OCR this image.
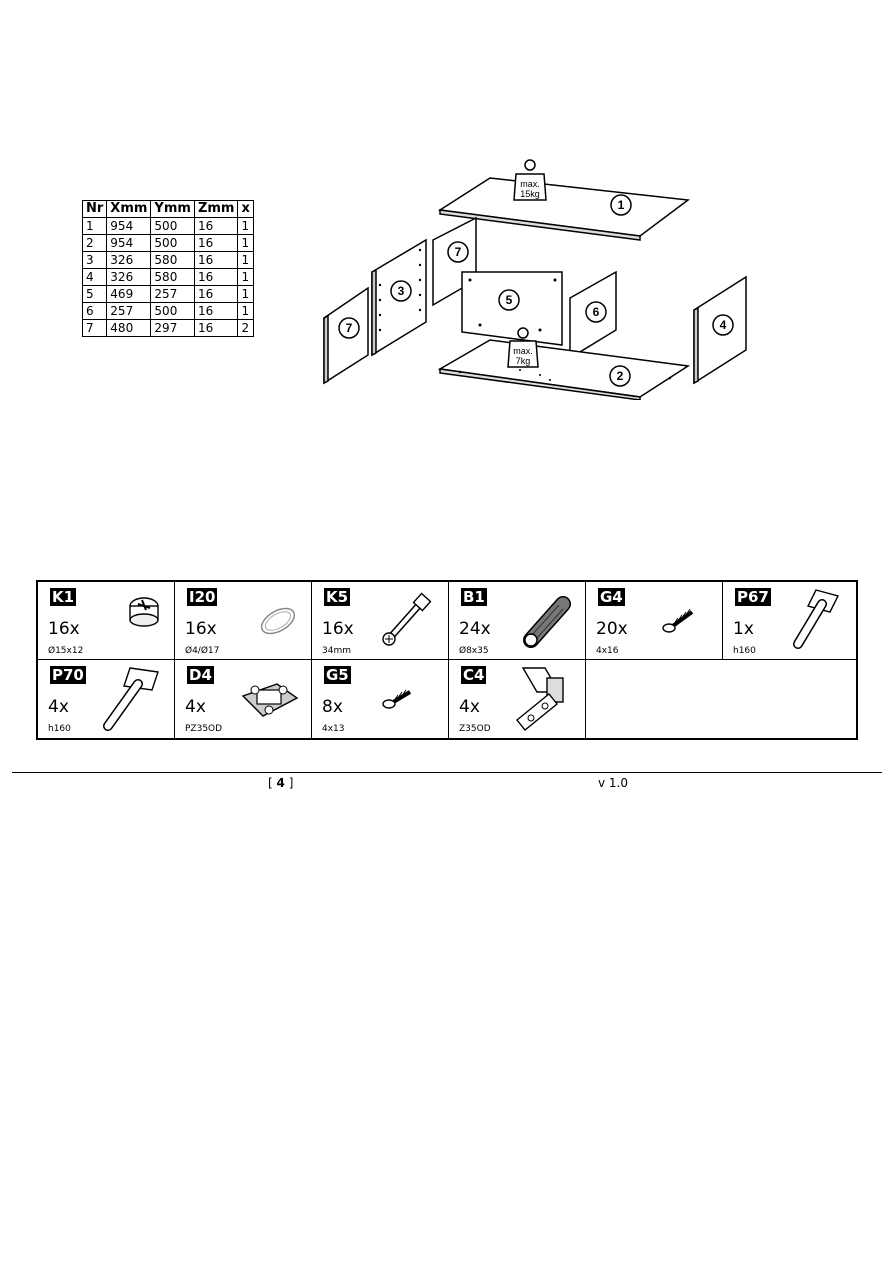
Nr	Xmm	Ymm	Zmm	x
1	954	500	16	1
2	954	500	16	1
3	326	580	16	1
4	326	580	16	1
5	469	257	16	1
6	257	500	16	1
7	480	297	16	2
max.
15kg
max.
7kg
1
2
3
4
5
6
7
7
K1
16x
Ø15x12
I20
16x
Ø4/Ø17
K5
16x
34mm
B1
24x
Ø8x35
G4
20x
4x16
P67
1x
h160
P70
4x
h160
D4
4x
PZ35OD
G5
8x
4x13
C4
4x
Z35OD
[ 4 ]	v 1.0
